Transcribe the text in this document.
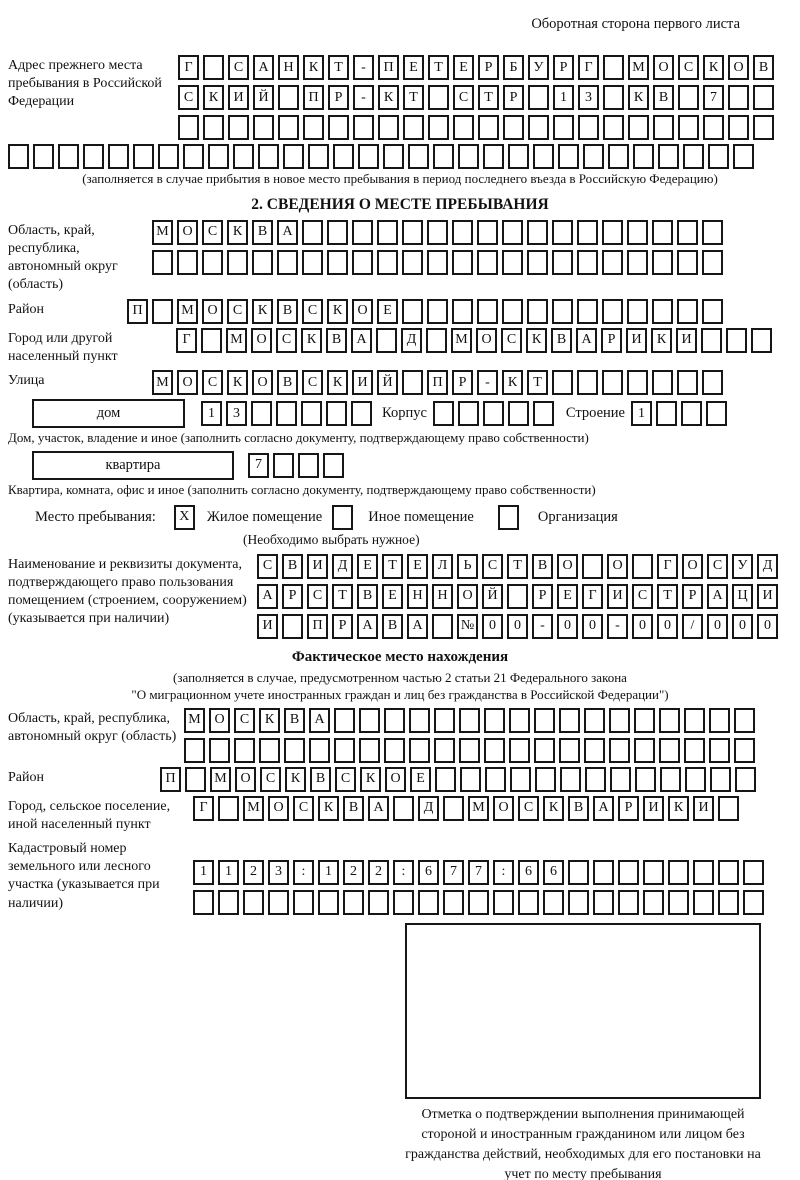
Оборотная сторона первого листа
Адрес прежнего места пребывания в Российской Федерации
Г	С	А	Н	К	Т	-	П	Е	Т	Е	Р	Б	У	Р	Г	М О	С	К	О	В
С	К	И	Й	П	Р	-	К	Т	С	Т	Р	1	3	К	В	7
(заполняется в случае прибытия в новое место пребывания в период последнего въезда в Российскую Федерацию)
2. СВЕДЕНИЯ О МЕСТЕ ПРЕБЫВАНИЯ
Область, край, республика, автономный округ (область)
М О	С	К	В	А
Район	П	М О	С	К	В	С	К	О	Е
Город или другой населенный пункт
Г	М О	С	К	В	А	Д	М О	С	К	В	А	Р	И	К	И
Улица	М О	С	К	О	В	С	К	И	Й	П	Р	-	К	Т
дом	1	3	Корпус	Строение 1
Дом, участок, владение и иное (заполнить согласно документу, подтверждающему право собственности)
квартира	7
Квартира, комната, офис и иное (заполнить согласно документу, подтверждающему право собственности)
Место пребывания:	X	Жилое помещение	Иное помещение	Организация
(Необходимо выбрать нужное)
Наименование и реквизиты документа, подтверждающего право пользования помещением (строением, сооружением) (указывается при наличии)
С	В	И	Д	Е	Т	Е	Л	Ь	С	Т	В	О	О	Г	О	С	У	Д
А	Р	С	Т	В	Е	Н	Н	О	Й	Р	Е	Г	И	С	Т	Р	А	Ц	И
И	П	Р	А	В	А	№	0	0	-	0	0	-	0	0	/	0	0	0
Фактическое место нахождения
(заполняется в случае, предусмотренном частью 2 статьи 21 Федерального закона
"О миграционном учете иностранных граждан и лиц без гражданства в Российской Федерации")
Область, край, республика, автономный округ (область)
М О	С	К	В	А
Район	П	М О	С	К	В	С	К	О	Е
Город, сельское поселение, иной населенный пункт
Г	М О	С	К	В	А	Д	М О	С	К	В	А	Р	И	К	И
Кадастровый номер земельного или лесного участка (указывается при наличии)
1	1	2	3	:	1	2	2	:	6	7	7	:	6	6
Отметка о подтверждении выполнения принимающей стороной и иностранным гражданином или лицом без гражданства действий, необходимых для его постановки на учет по месту пребывания
